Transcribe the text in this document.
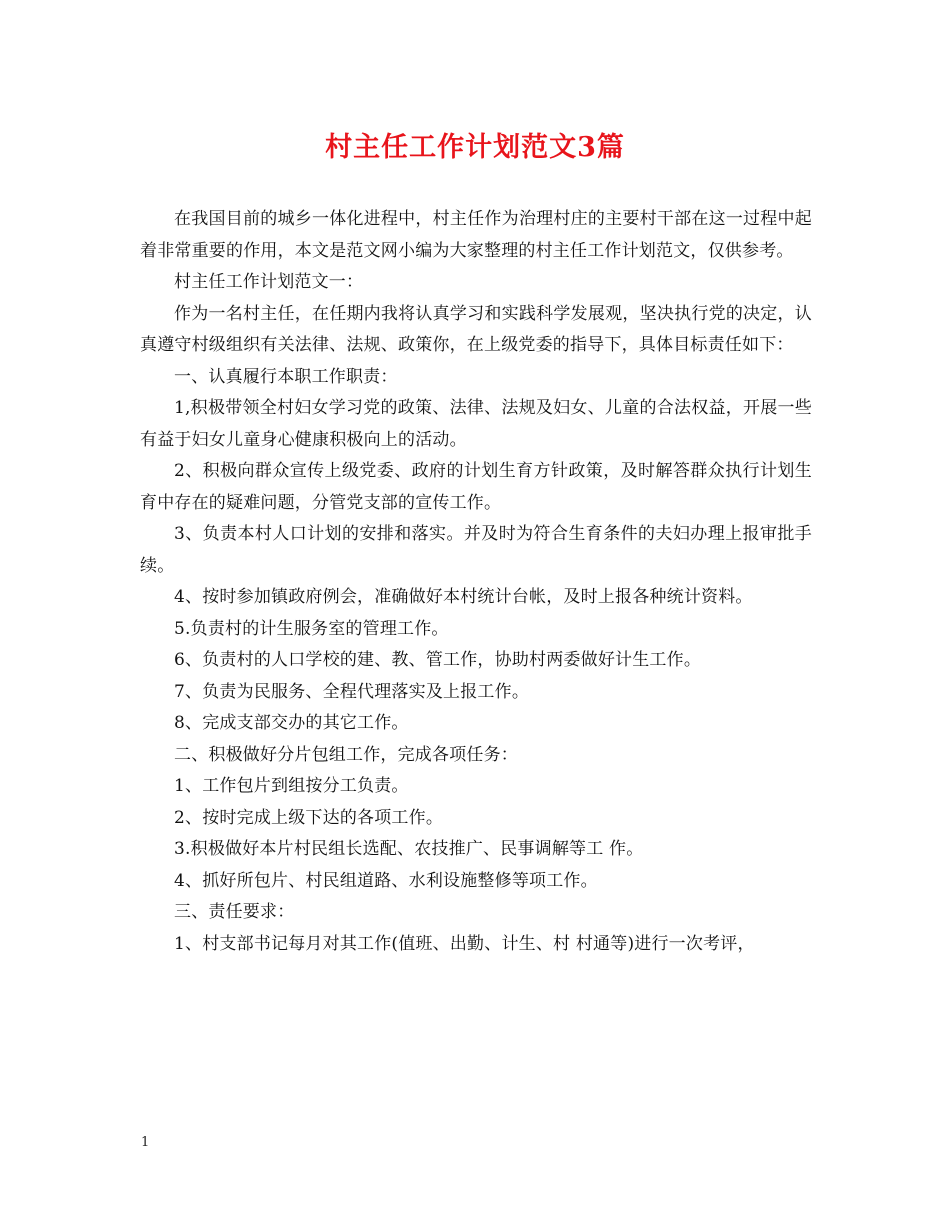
村主任工作计划范文3篇

在我国目前的城乡一体化进程中，村主任作为治理村庄的主要村干部在这一过程中起着非常重要的作用，本文是范文网小编为大家整理的村主任工作计划范文，仅供参考。

村主任工作计划范文一：

作为一名村主任，在任期内我将认真学习和实践科学发展观，坚决执行党的决定，认真遵守村级组织有关法律、法规、政策你，在上级党委的指导下，具体目标责任如下：

一、认真履行本职工作职责：

1,积极带领全村妇女学习党的政策、法律、法规及妇女、儿童的合法权益，开展一些有益于妇女儿童身心健康积极向上的活动。

2、积极向群众宣传上级党委、政府的计划生育方针政策，及时解答群众执行计划生育中存在的疑难问题，分管党支部的宣传工作。

3、负责本村人口计划的安排和落实。并及时为符合生育条件的夫妇办理上报审批手续。

4、按时参加镇政府例会，准确做好本村统计台帐，及时上报各种统计资料。

5.负责村的计生服务室的管理工作。

6、负责村的人口学校的建、教、管工作，协助村两委做好计生工作。

7、负责为民服务、全程代理落实及上报工作。

8、完成支部交办的其它工作。

二、积极做好分片包组工作，完成各项任务：

1、工作包片到组按分工负责。

2、按时完成上级下达的各项工作。

3.积极做好本片村民组长选配、农技推广、民事调解等工 作。

4、抓好所包片、村民组道路、水利设施整修等项工作。

三、责任要求：

1、村支部书记每月对其工作(值班、出勤、计生、村 村通等)进行一次考评，

1
